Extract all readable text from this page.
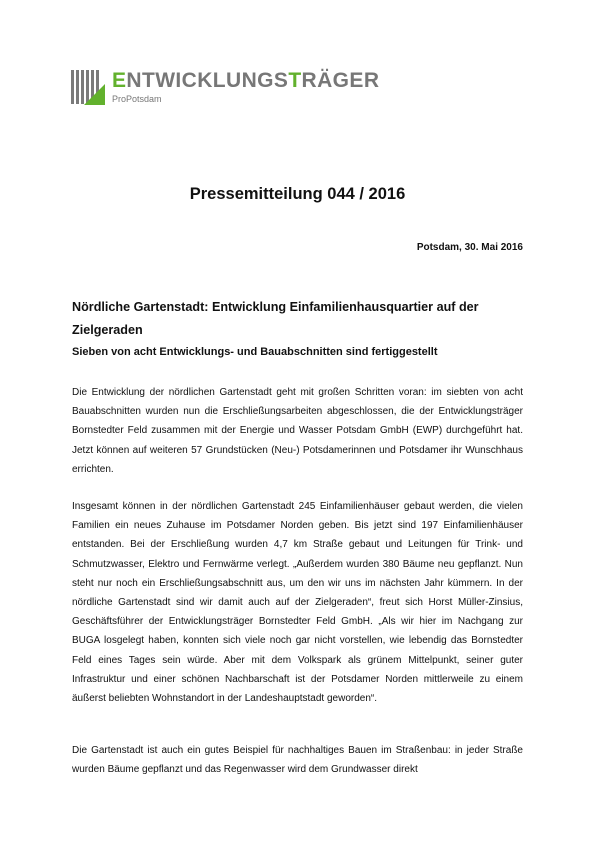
ENTWICKLUNGSTRÄGER
ProPotsdam
Pressemitteilung 044 / 2016
Potsdam, 30. Mai 2016
Nördliche Gartenstadt: Entwicklung Einfamilienhausquartier auf der Zielgeraden
Sieben von acht Entwicklungs- und Bauabschnitten sind fertiggestellt

Die Entwicklung der nördlichen Gartenstadt geht mit großen Schritten voran: im siebten von acht Bauabschnitten wurden nun die Erschließungsarbeiten abgeschlossen, die der Entwicklungsträger Bornstedter Feld zusammen mit der Energie und Wasser Potsdam GmbH (EWP) durchgeführt hat. Jetzt können auf weiteren 57 Grundstücken (Neu-) Potsdamerinnen und Potsdamer ihr Wunschhaus errichten.

Insgesamt können in der nördlichen Gartenstadt 245 Einfamilienhäuser gebaut werden, die vielen Familien ein neues Zuhause im Potsdamer Norden geben. Bis jetzt sind 197 Einfamilienhäuser entstanden. Bei der Erschließung wurden 4,7 km Straße gebaut und Leitungen für Trink- und Schmutzwasser, Elektro und Fernwärme verlegt. „Außerdem wurden 380 Bäume neu gepflanzt. Nun steht nur noch ein Erschließungsabschnitt aus, um den wir uns im nächsten Jahr kümmern. In der nördliche Gartenstadt sind wir damit auch auf der Zielgeraden“, freut sich Horst Müller-Zinsius, Geschäftsführer der Entwicklungsträger Bornstedter Feld GmbH. „Als wir hier im Nachgang zur BUGA losgelegt haben, konnten sich viele noch gar nicht vorstellen, wie lebendig das Bornstedter Feld eines Tages sein würde. Aber mit dem Volkspark als grünem Mittelpunkt, seiner guter Infrastruktur und einer schönen Nachbarschaft ist der Potsdamer Norden mittlerweile zu einem äußerst beliebten Wohnstandort in der Landeshauptstadt geworden“.

Die Gartenstadt ist auch ein gutes Beispiel für nachhaltiges Bauen im Straßenbau: in jeder Straße wurden Bäume gepflanzt und das Regenwasser wird dem Grundwasser direkt
